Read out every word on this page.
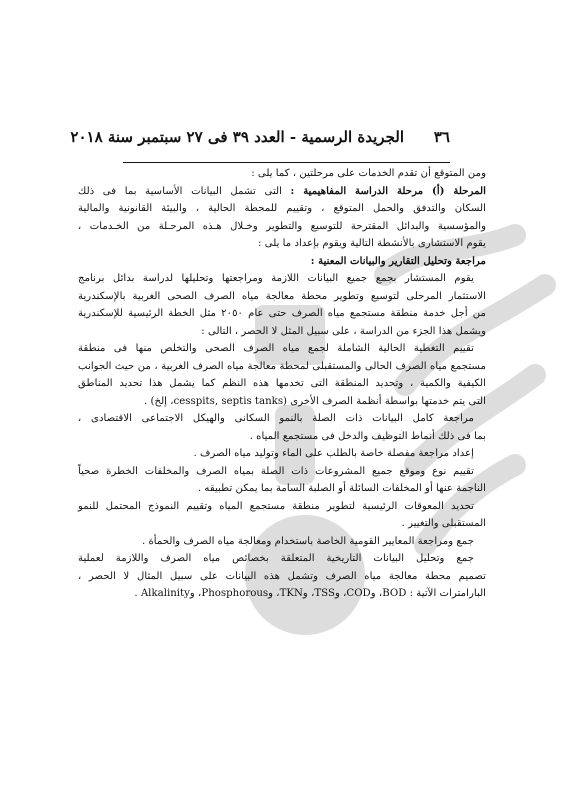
٣٦
الجريدة الرسمية - العدد ٣٩ فى ٢٧ سبتمبر سنة ٢٠١٨

ومن المتوقع أن تقدم الخدمات على مرحلتين ، كما يلى :

المرحلة (أ) مرحلة الدراسة المفاهيمية : التى تشمل البيانات الأساسية بما فى ذلك
السكان والتدفق والحمل المتوقع ، وتقييم للمحطة الحالية ، والبيئة القانونية والمالية
والمؤسسية والبدائل المقترحة للتوسيع والتطوير وخـلال هـذه المرحـلة من الخـدمات ،
يقوم الاستشارى بالأنشطة التالية ويقوم بإعداد ما يلى :

مراجعة وتحليل التقارير والبيانات المعنية :

يقوم المستشار بجمع جميع البيانات اللازمة ومراجعتها وتحليلها لدراسة بدائل برنامج
الاستثمار المرحلى لتوسيع وتطوير محطة معالجة مياه الصرف الصحى الغربية بالإسكندرية
من أجل خدمة منطقة مستجمع مياه الصرف حتى عام ٢٠٥٠ مثل الخطة الرئيسية للإسكندرية
ويشمل هذا الجزء من الدراسة ، على سبيل المثل لا الحصر ، التالى :

تقييم التغطية الحالية الشاملة لجمع مياه الصرف الصحى والتخلص منها فى منطقة
مستجمع مياه الصرف الحالى والمستقبلى لمحطة معالجة مياه الصرف الغربية ، من حيث الجوانب
الكيفية والكمية ، وتحديد المنطقة التى تخدمها هذه النظم كما يشمل هذا تحديد المناطق
التى يتم خدمتها بواسطة أنظمة الصرف الأخرى (cesspits, septis tanks، إلخ) .

مراجعة كامل البيانات ذات الصلة بالنمو السكانى والهيكل الاجتماعى الاقتصادى ،
بما فى ذلك أنماط التوظيف والدخل فى مستجمع المياه .

إعداد مراجعة مفصلة خاصة بالطلب على الماء وتوليد مياه الصرف .

تقييم نوع وموقع جميع المشروعات ذات الصلة بمياه الصرف والمخلفات الخطرة صحياً
الناجمة عنها أو المخلفات السائلة أو الصلبة السامة بما يمكن تطبيقه .

تحديد المعوقات الرئيسية لتطوير منطقة مستجمع المياه وتقييم النموذج المحتمل للنمو
المستقبلى والتغيير .

جمع ومراجعة المعايير القومية الخاصة باستخدام ومعالجة مياه الصرف والحمأة .

جمع وتحليل البيانات التاريخية المتعلقة بخصائص مياه الصرف واللازمة لعملية
تصميم محطة معالجة مياه الصرف وتشمل هذه البيانات على سبيل المثال لا الحصر ،
البارامترات الآتية : BOD، وCOD، وTSS، وTKN، وPhosphorous، وAlkalinity .
